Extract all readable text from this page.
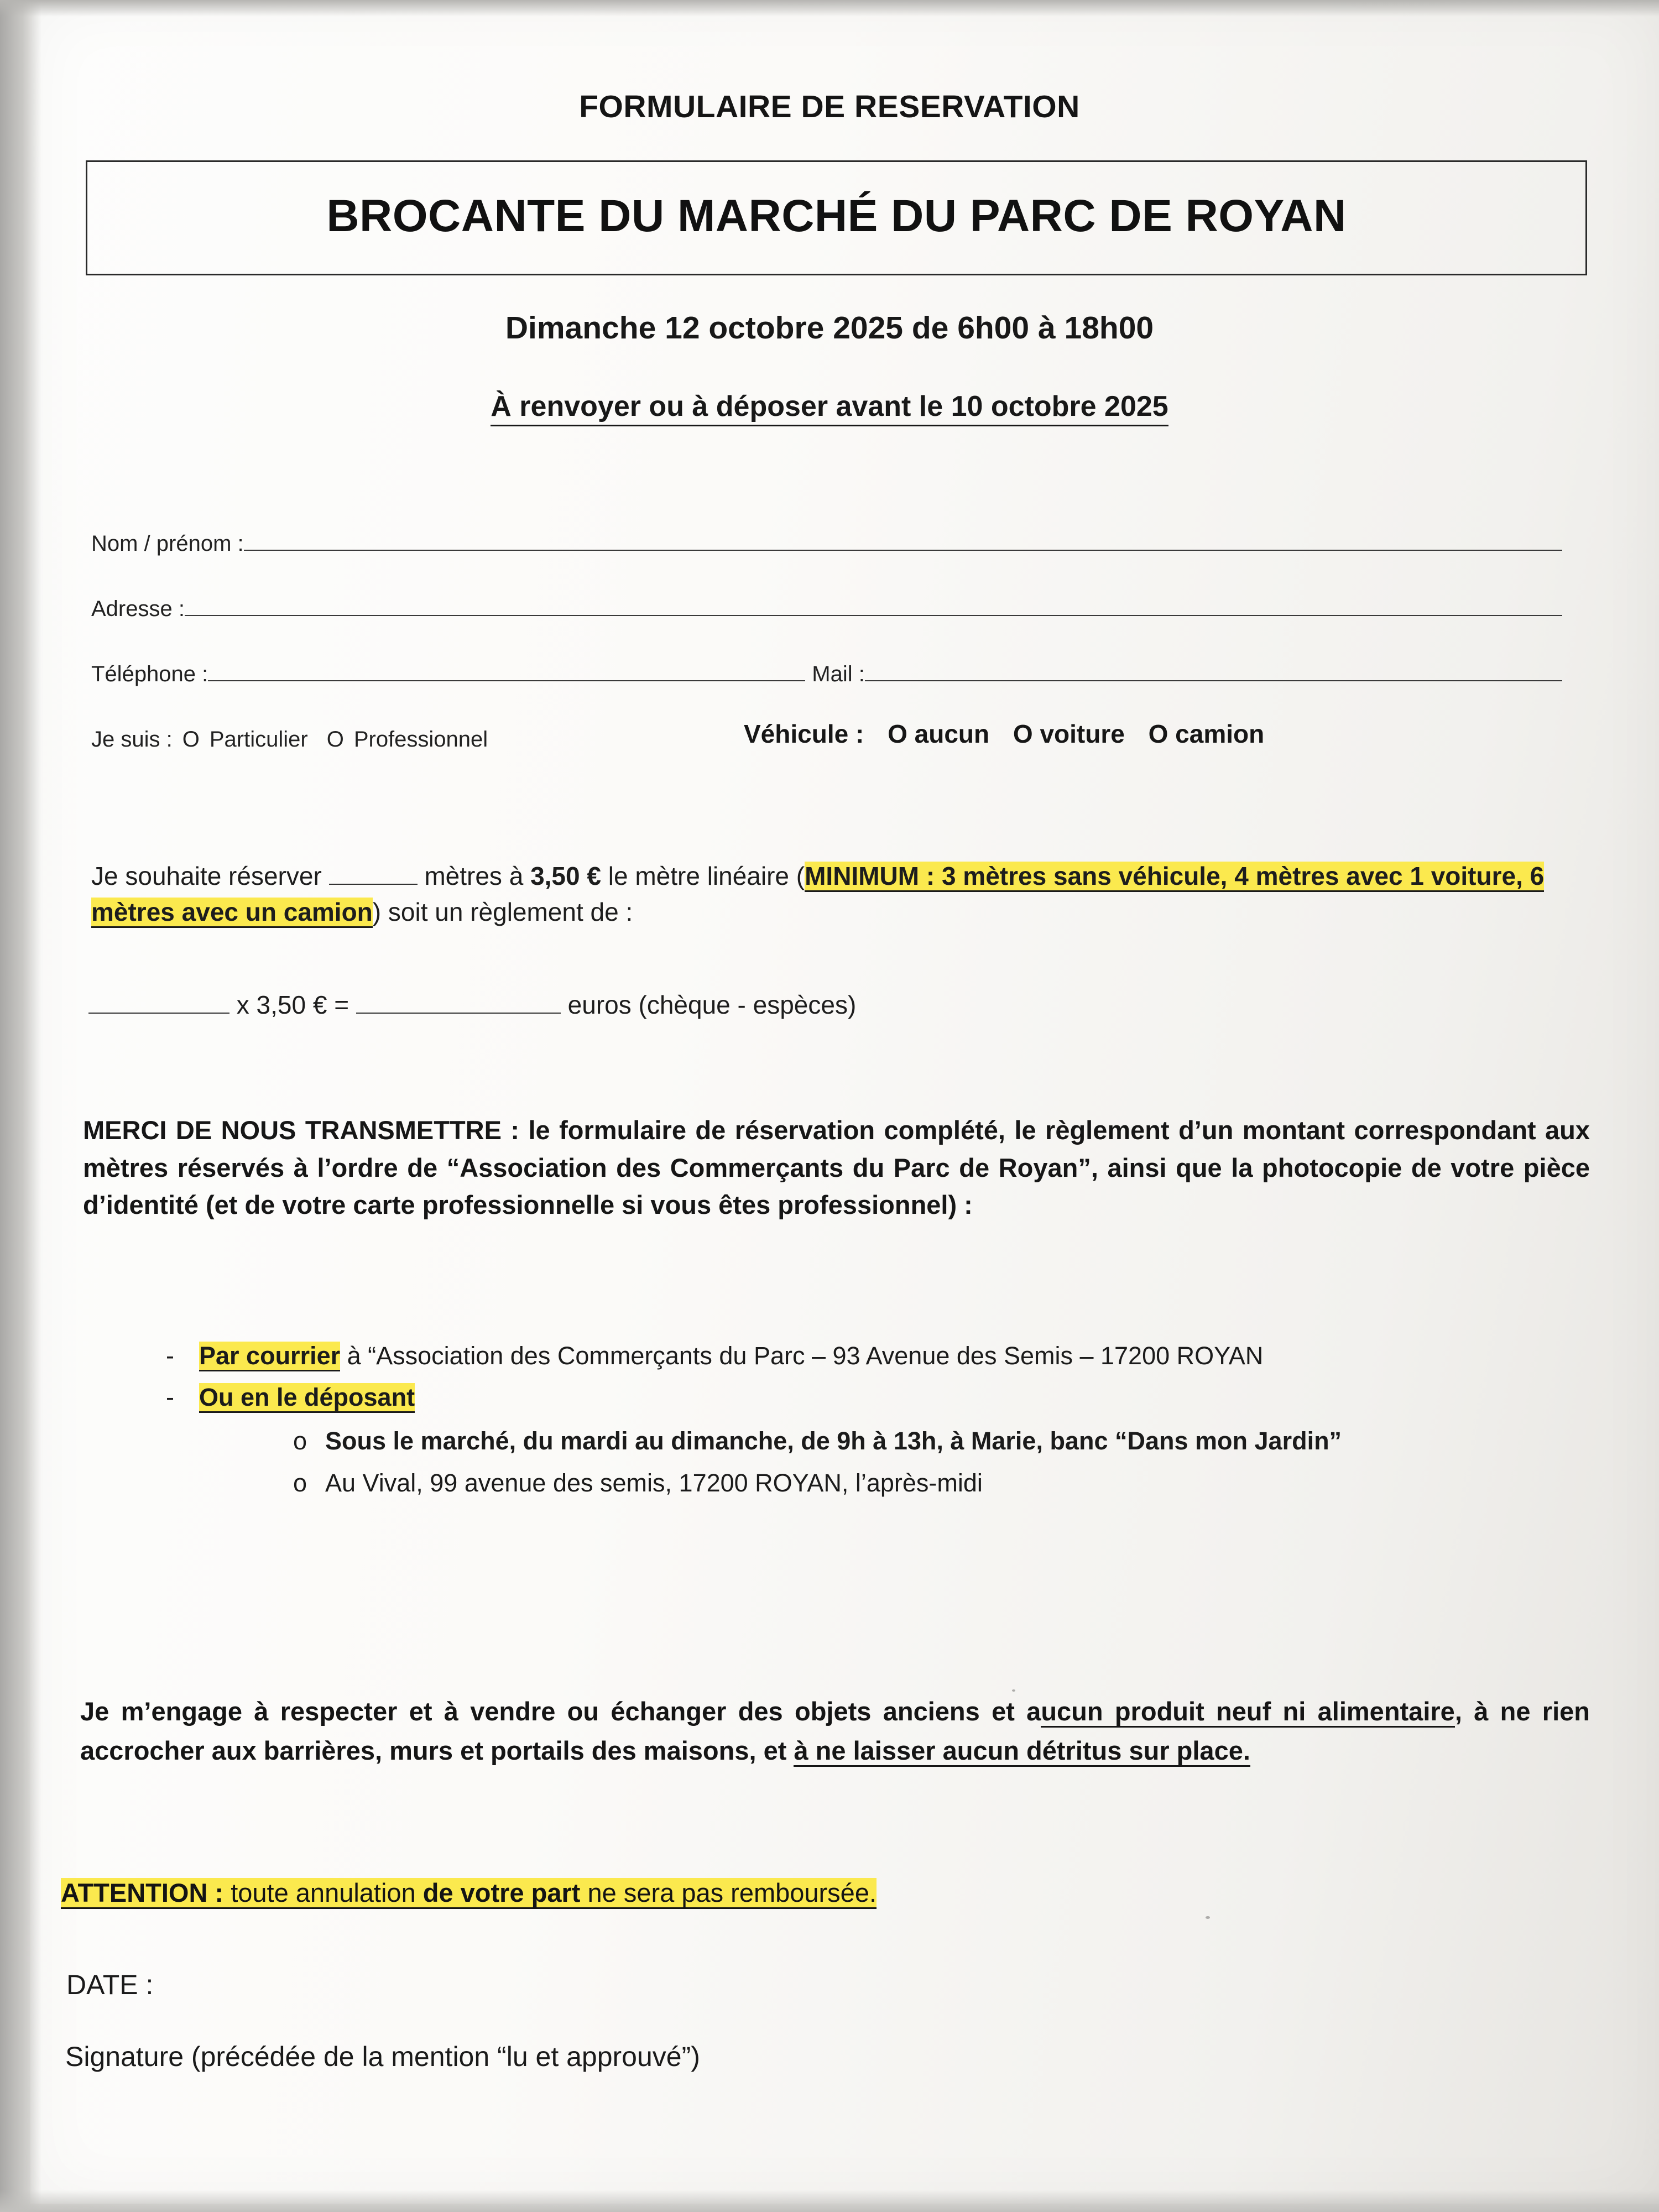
FORMULAIRE DE RESERVATION
BROCANTE DU MARCHÉ DU PARC DE ROYAN
Dimanche 12 octobre 2025 de 6h00 à 18h00
À renvoyer ou à déposer avant le 10 octobre 2025
Nom / prénom :
Adresse :
Téléphone :	Mail :
Je suis : O Particulier O Professionnel	Véhicule : O aucun O voiture O camion
Je souhaite réserver	mètres à 3,50 € le mètre linéaire (MINIMUM : 3 mètres sans véhicule, 4 mètres avec 1 voiture, 6 mètres avec un camion) soit un règlement de :
x 3,50 € =	euros (chèque - espèces)
MERCI DE NOUS TRANSMETTRE : le formulaire de réservation complété, le règlement d’un montant correspondant aux mètres réservés à l’ordre de “Association des Commerçants du Parc de Royan”, ainsi que la photocopie de votre pièce d’identité (et de votre carte professionnelle si vous êtes professionnel) :
-	Par courrier à “Association des Commerçants du Parc – 93 Avenue des Semis – 17200 ROYAN
-	Ou en le déposant
o Sous le marché, du mardi au dimanche, de 9h à 13h, à Marie, banc “Dans mon Jardin”
o Au Vival, 99 avenue des semis, 17200 ROYAN, l’après-midi
Je m’engage à respecter et à vendre ou échanger des objets anciens et aucun produit neuf ni alimentaire, à ne rien accrocher aux barrières, murs et portails des maisons, et à ne laisser aucun détritus sur place.
ATTENTION : toute annulation de votre part ne sera pas remboursée.
DATE :
Signature (précédée de la mention “lu et approuvé”)
